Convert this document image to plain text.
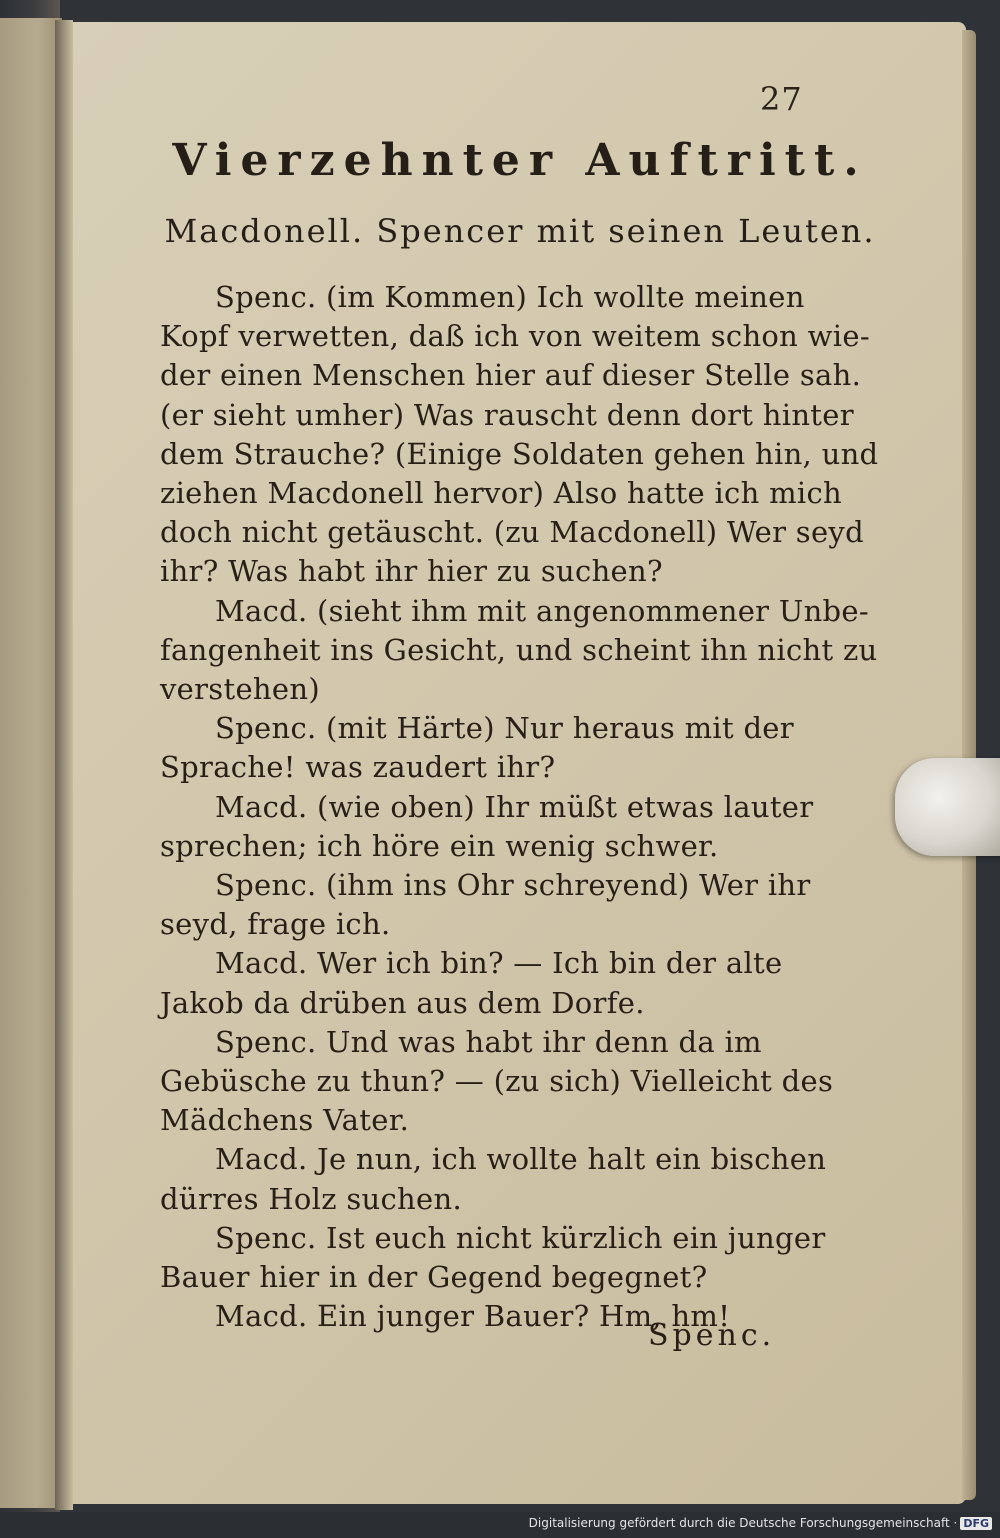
27
Vierzehnter Auftritt.
Macdonell. Spencer mit seinen Leuten.
Spenc. (im Kommen) Ich wollte meinen
Kopf verwetten, daß ich von weitem schon wie-
der einen Menschen hier auf dieser Stelle sah.
(er sieht umher) Was rauscht denn dort hinter
dem Strauche? (Einige Soldaten gehen hin, und
ziehen Macdonell hervor) Also hatte ich mich
doch nicht getäuscht. (zu Macdonell) Wer seyd
ihr? Was habt ihr hier zu suchen?
Macd. (sieht ihm mit angenommener Unbe-
fangenheit ins Gesicht, und scheint ihn nicht zu
verstehen)
Spenc. (mit Härte) Nur heraus mit der
Sprache! was zaudert ihr?
Macd. (wie oben) Ihr müßt etwas lauter
sprechen; ich höre ein wenig schwer.
Spenc. (ihm ins Ohr schreyend) Wer ihr
seyd, frage ich.
Macd. Wer ich bin? — Ich bin der alte
Jakob da drüben aus dem Dorfe.
Spenc. Und was habt ihr denn da im
Gebüsche zu thun? — (zu sich) Vielleicht des
Mädchens Vater.
Macd. Je nun, ich wollte halt ein bischen
dürres Holz suchen.
Spenc. Ist euch nicht kürzlich ein junger
Bauer hier in der Gegend begegnet?
Macd. Ein junger Bauer? Hm, hm!
Spenc.
Digitalisierung gefördert durch die Deutsche Forschungsgemeinschaft · DFG
